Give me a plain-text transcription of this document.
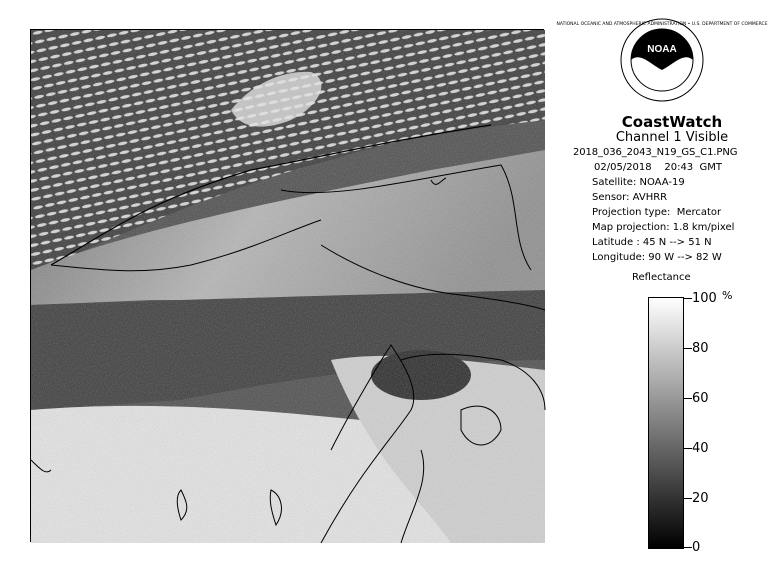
NOAA
NATIONAL OCEANIC AND ATMOSPHERIC ADMINISTRATION • U.S. DEPARTMENT OF COMMERCE
CoastWatch
Channel 1 Visible
2018_036_2043_N19_GS_C1.PNG
02/05/2018    20:43  GMT
Satellite: NOAA-19
Sensor: AVHRR
Projection type:  Mercator
Map projection: 1.8 km/pixel
Latitude : 45 N --> 51 N
Longitude: 90 W --> 82 W
Reflectance
%
100
80
60
40
20
0
